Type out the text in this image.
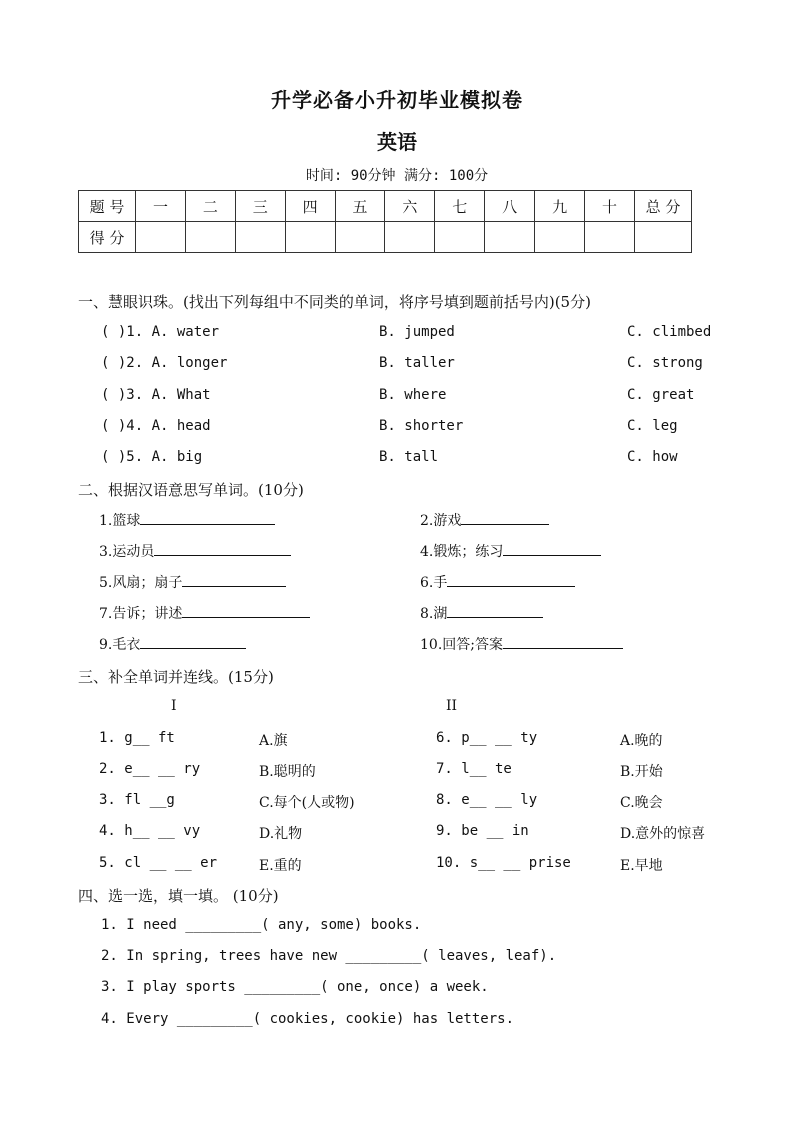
升学必备小升初毕业模拟卷
英语
时间: 90分钟 满分: 100分
题 号	一	二	三	四	五	六	七	八	九	十	总 分
得 分											
一、慧眼识珠。(找出下列每组中不同类的单词，将序号填到题前括号内)(5分)
( )1. A. water	B. jumped	C. climbed
( )2. A. longer	B. taller	C. strong
( )3. A. What	B. where	C. great
( )4. A. head	B. shorter	C. leg
( )5. A. big	B. tall	C. how
二、根据汉语意思写单词。(10分)
1.篮球	2.游戏
3.运动员	4.锻炼；练习
5.风扇；扇子	6.手
7.告诉；讲述	8.湖
9.毛衣	10.回答;答案
三、补全单词并连线。(15分)
I	II
1. g__ ft	A.旗	6. p__ __ ty	A.晚的
2. e__ __ ry	B.聪明的	7. l__ te	B.开始
3. fl __g	C.每个(人或物)	8. e__ __ ly	C.晚会
4. h__ __ vy	D.礼物	9. be __ in	D.意外的惊喜
5. cl __ __ er	E.重的	10. s__ __ prise	E.早地
四、选一选，填一填。 (10分)
1. I need _________( any, some) books.
2. In spring, trees have new _________( leaves, leaf).
3. I play sports _________( one, once) a week.
4. Every _________( cookies, cookie) has letters.
